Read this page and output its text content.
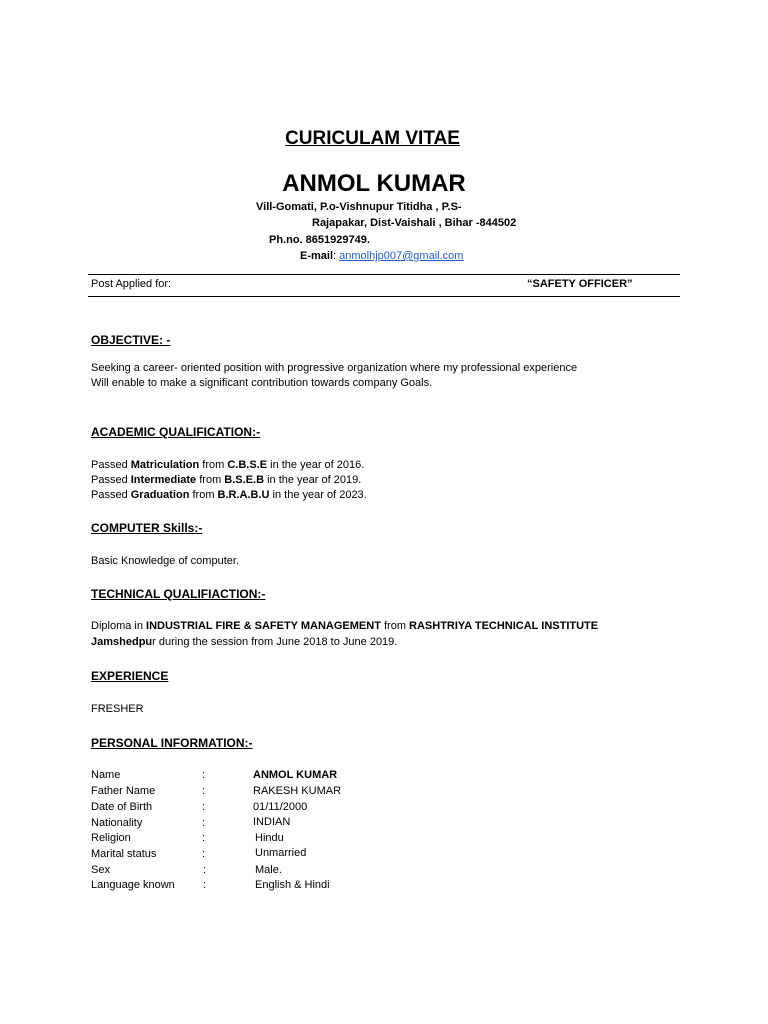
CURICULAM VITAE
ANMOL KUMAR
Vill-Gomati, P.o-Vishnupur Titidha , P.S-
Rajapakar, Dist-Vaishali , Bihar -844502
Ph.no. 8651929749.
E-mail: anmolhjp007@gmail.com
Post Applied for:	“SAFETY OFFICER”
OBJECTIVE: -
Seeking a career- oriented position with progressive organization where my professional experience
Will enable to make a significant contribution towards company Goals.
ACADEMIC QUALIFICATION:-
Passed Matriculation from C.B.S.E in the year of 2016.
Passed Intermediate from B.S.E.B in the year of 2019.
Passed Graduation from B.R.A.B.U in the year of 2023.
COMPUTER Skills:-
Basic Knowledge of computer.
TECHNICAL QUALIFIACTION:-
Diploma in INDUSTRIAL FIRE & SAFETY MANAGEMENT from RASHTRIYA TECHNICAL INSTITUTE
Jamshedpur during the session from June 2018 to June 2019.
EXPERIENCE
FRESHER
PERSONAL INFORMATION:-
Name	:	ANMOL KUMAR
Father Name	:	RAKESH KUMAR
Date of Birth	:	01/11/2000
Nationality	:	INDIAN
Religion	:	Hindu
Marital status	:	Unmarried
Sex	:	Male.
Language known	:	English & Hindi
